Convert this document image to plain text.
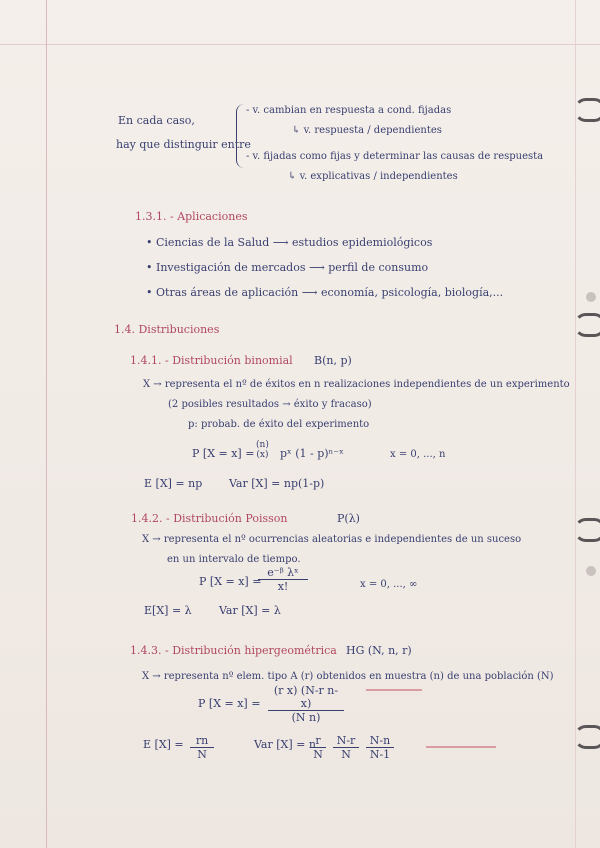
En cada caso,
hay que distinguir entre
- v. cambian en respuesta a cond. fijadas
↳ v. respuesta / dependientes
- v. fijadas como fijas y determinar las causas de respuesta
↳ v. explicativas / independientes
1.3.1. - Aplicaciones
• Ciencias de la Salud ⟶ estudios epidemiológicos
• Investigación de mercados ⟶ perfil de consumo
• Otras áreas de aplicación ⟶ economía, psicología, biología,...
1.4. Distribuciones
1.4.1. - Distribución binomial B(n, p)
X → representa el nº de éxitos en n realizaciones independientes de un experimento
(2 posibles resultados → éxito y fracaso)
p: probab. de éxito del experimento
P [X = x] =
(n)
(x) pˣ (1 - p)ⁿ⁻ˣ	x = 0, ..., n
E [X] = np Var [X] = np(1-p)
1.4.2. - Distribución Poisson	P(λ)
X → representa el nº ocurrencias aleatorias e independientes de un suceso
en un intervalo de tiempo.
P [X = x] =
$\frac{\text{e⁻ᵝ λˣ}}{x!}$	x = 0, ..., ∞
E[X] = λ Var [X] = λ
1.4.3. - Distribución hipergeométrica HG (N, n, r)
X → representa nº elem. tipo A (r) obtenidos en muestra (n) de una población (N)
P $[X = x] = \frac{\text{(r x) (N-r n-x)}}{\text{(N n)}}$
E $[X] = \frac{rn}{N}$	Var [X] = n
$\frac{r}{N} \frac{N-r}{N} \frac{N-n}{N-1}$
